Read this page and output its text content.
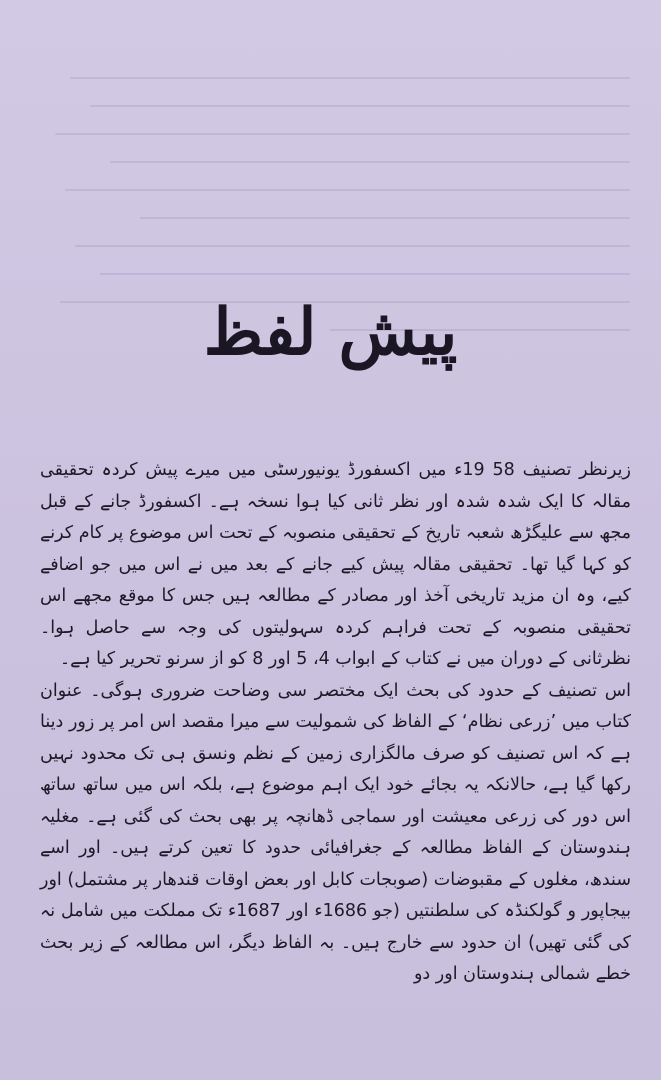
پیش لفظ

زیرنظر تصنیف 58 19ء میں اکسفورڈ یونیورسٹی میں میرے پیش کردہ تحقیقی مقالہ کا ایک شدہ شدہ اور نظر ثانی کیا ہوا نسخہ ہے۔ اکسفورڈ جانے کے قبل مجھ سے علیگڑھ شعبہ تاریخ کے تحقیقی منصوبہ کے تحت اس موضوع پر کام کرنے کو کہا گیا تھا۔ تحقیقی مقالہ پیش کیے جانے کے بعد میں نے اس میں جو اضافے کیے، وہ ان مزید تاریخی آخذ اور مصادر کے مطالعہ ہیں جس کا موقع مجھے اس تحقیقی منصوبہ کے تحت فراہم کردہ سہولیتوں کی وجہ سے حاصل ہوا۔ نظرثانی کے دوران میں نے کتاب کے ابواب 4، 5 اور 8 کو از سرنو تحریر کیا ہے۔

اس تصنیف کے حدود کی بحث ایک مختصر سی وضاحت ضروری ہوگی۔ عنوان کتاب میں ’زرعی نظام‘ کے الفاظ کی شمولیت سے میرا مقصد اس امر پر زور دینا ہے کہ اس تصنیف کو صرف مالگزاری زمین کے نظم ونسق ہی تک محدود نہیں رکھا گیا ہے، حالانکہ یہ بجائے خود ایک اہم موضوع ہے، بلکہ اس میں ساتھ ساتھ اس دور کی زرعی معیشت اور سماجی ڈھانچہ پر بھی بحث کی گئی ہے۔ مغلیہ ہندوستان کے الفاظ مطالعہ کے جغرافیائی حدود کا تعین کرتے ہیں۔ اور اسے سندھ، مغلوں کے مقبوضات (صوبجات کابل اور بعض اوقات قندھار پر مشتمل) اور بیجاپور و گولکنڈہ کی سلطنتیں (جو 1686ء اور 1687ء تک مملکت میں شامل نہ کی گئی تھیں) ان حدود سے خارج ہیں۔ بہ الفاظ دیگر، اس مطالعہ کے زیر بحث خطے شمالی ہندوستان اور دو
